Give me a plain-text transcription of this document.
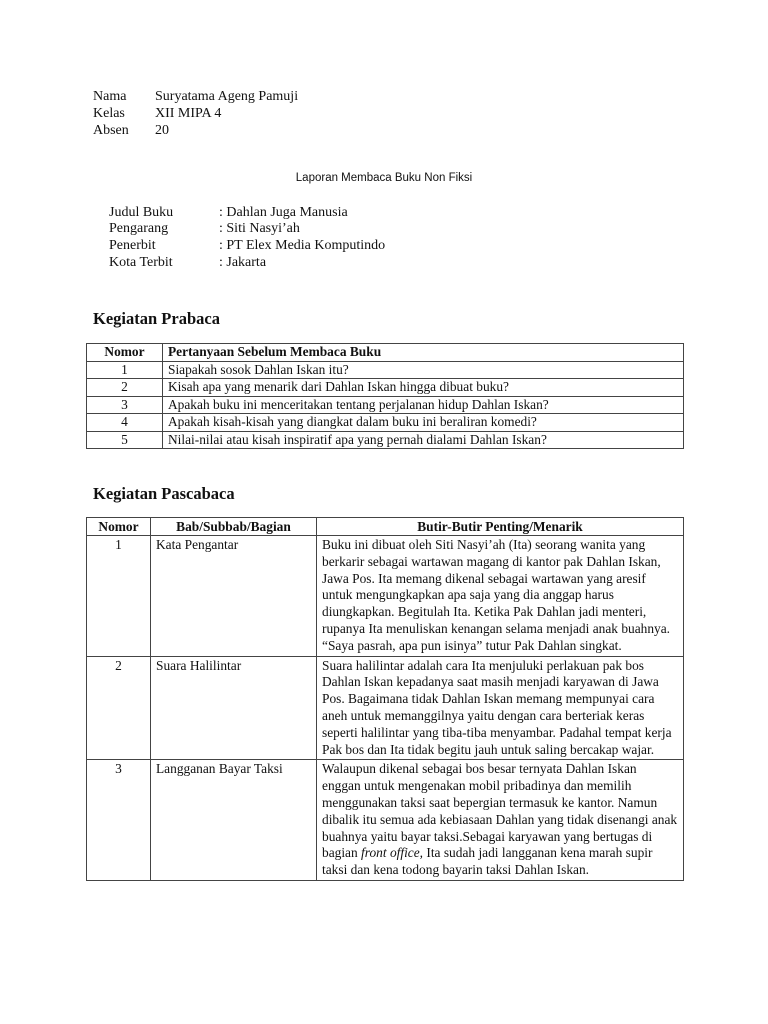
Nama Suryatama Ageng Pamuji
Kelas XII MIPA 4
Absen 20
Laporan Membaca Buku Non Fiksi
Judul Buku	: Dahlan Juga Manusia
Pengarang	: Siti Nasyi’ah
Penerbit	: PT Elex Media Komputindo
Kota Terbit	: Jakarta
Kegiatan Prabaca
Nomor	Pertanyaan Sebelum Membaca Buku
1	Siapakah sosok Dahlan Iskan itu?
2	Kisah apa yang menarik dari Dahlan Iskan hingga dibuat buku?
3	Apakah buku ini menceritakan tentang perjalanan hidup Dahlan Iskan?
4	Apakah kisah-kisah yang diangkat dalam buku ini beraliran komedi?
5	Nilai-nilai atau kisah inspiratif apa yang pernah dialami Dahlan Iskan?
Kegiatan Pascabaca
Nomor	Bab/Subbab/Bagian	Butir-Butir Penting/Menarik
1	Kata Pengantar	Buku ini dibuat oleh Siti Nasyi’ah (Ita) seorang wanita yang berkarir sebagai wartawan magang di kantor pak Dahlan Iskan, Jawa Pos. Ita memang dikenal sebagai wartawan yang aresif untuk mengungkapkan apa saja yang dia anggap harus diungkapkan. Begitulah Ita. Ketika Pak Dahlan jadi menteri, rupanya Ita menuliskan kenangan selama menjadi anak buahnya. “Saya pasrah, apa pun isinya” tutur Pak Dahlan singkat.
2	Suara Halilintar	Suara halilintar adalah cara Ita menjuluki perlakuan pak bos Dahlan Iskan kepadanya saat masih menjadi karyawan di Jawa Pos. Bagaimana tidak Dahlan Iskan memang mempunyai cara aneh untuk memanggilnya yaitu dengan cara berteriak keras seperti halilintar yang tiba-tiba menyambar. Padahal tempat kerja Pak bos dan Ita tidak begitu jauh untuk saling bercakap wajar.
3	Langganan Bayar Taksi	Walaupun dikenal sebagai bos besar ternyata Dahlan Iskan enggan untuk mengenakan mobil pribadinya dan memilih menggunakan taksi saat bepergian termasuk ke kantor. Namun dibalik itu semua ada kebiasaan Dahlan yang tidak disenangi anak buahnya yaitu bayar taksi.Sebagai karyawan yang bertugas di bagian front office, Ita sudah jadi langganan kena marah supir taksi dan kena todong bayarin taksi Dahlan Iskan.
